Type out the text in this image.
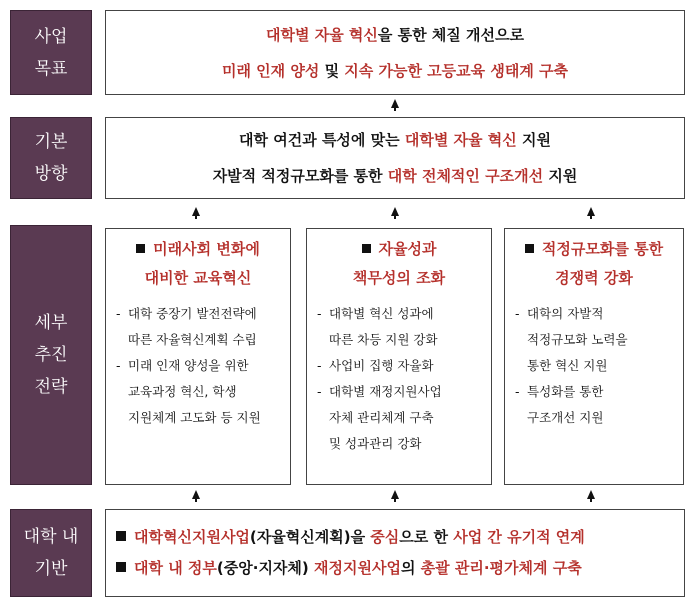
사업
목표
기본
방향
세부
추진
전략
대학 내
기반
대학별 자율 혁신을 통한 체질 개선으로
미래 인재 양성 및 지속 가능한 고등교육 생태계 구축
대학 여건과 특성에 맞는 대학별 자율 혁신 지원
자발적 적정규모화를 통한 대학 전체적인 구조개선 지원
미래사회 변화에
대비한 교육혁신
- 대학 중장기 발전전략에
따른 자율혁신계획 수립
- 미래 인재 양성을 위한
교육과정 혁신, 학생
지원체계 고도화 등 지원
자율성과
책무성의 조화
- 대학별 혁신 성과에
따른 차등 지원 강화
- 사업비 집행 자율화
- 대학별 재정지원사업
자체 관리체계 구축
및 성과관리 강화
적정규모화를 통한
경쟁력 강화
- 대학의 자발적
적정규모화 노력을
통한 혁신 지원
- 특성화를 통한
구조개선 지원
대학혁신지원사업(자율혁신계획)을 중심으로 한 사업 간 유기적 연계
대학 내 정부(중앙·지자체) 재정지원사업의 총괄 관리·평가체계 구축
